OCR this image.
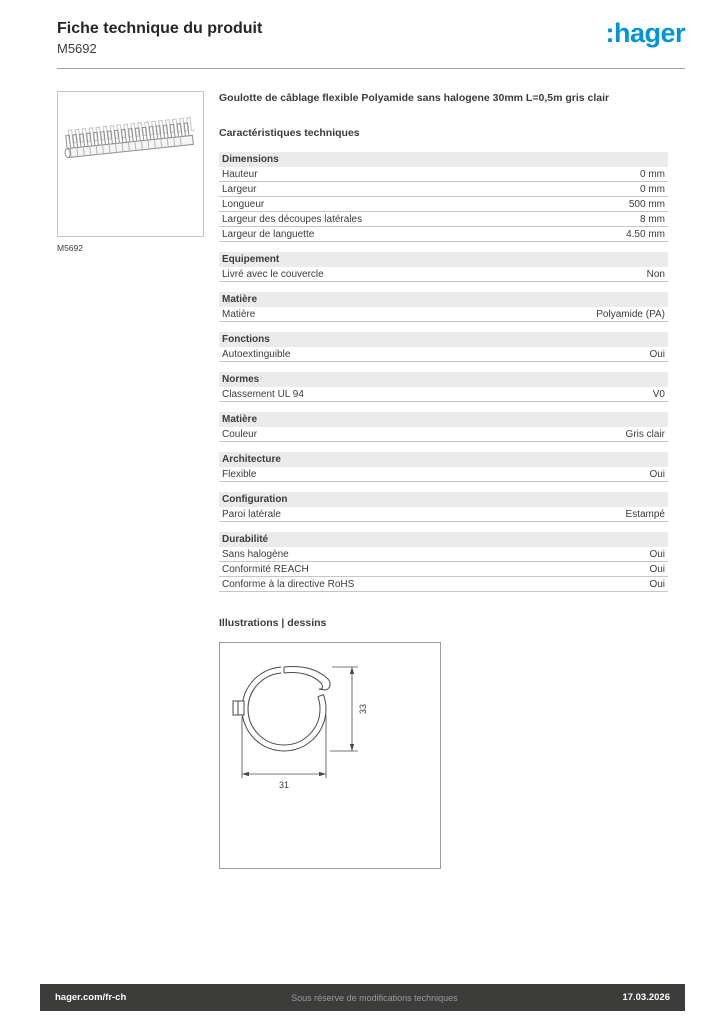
Fiche technique du produit
M5692
:hager
M5692
Goulotte de câblage flexible Polyamide sans halogene 30mm L=0,5m gris clair
Caractéristiques techniques
Dimensions
Hauteur	0 mm
Largeur	0 mm
Longueur	500 mm
Largeur des découpes latérales	8 mm
Largeur de languette	4.50 mm
Equipement
Livré avec le couvercle	Non
Matière
Matière	Polyamide (PA)
Fonctions
Autoextinguible	Oui
Normes
Classement UL 94	V0
Matière
Couleur	Gris clair
Architecture
Flexible	Oui
Configuration
Paroi latérale	Estampé
Durabilité
Sans halogène	Oui
Conformité REACH	Oui
Conforme à la directive RoHS	Oui
Illustrations | dessins
31
33
hager.com/fr-ch	Sous réserve de modifications techniques	17.03.2026
